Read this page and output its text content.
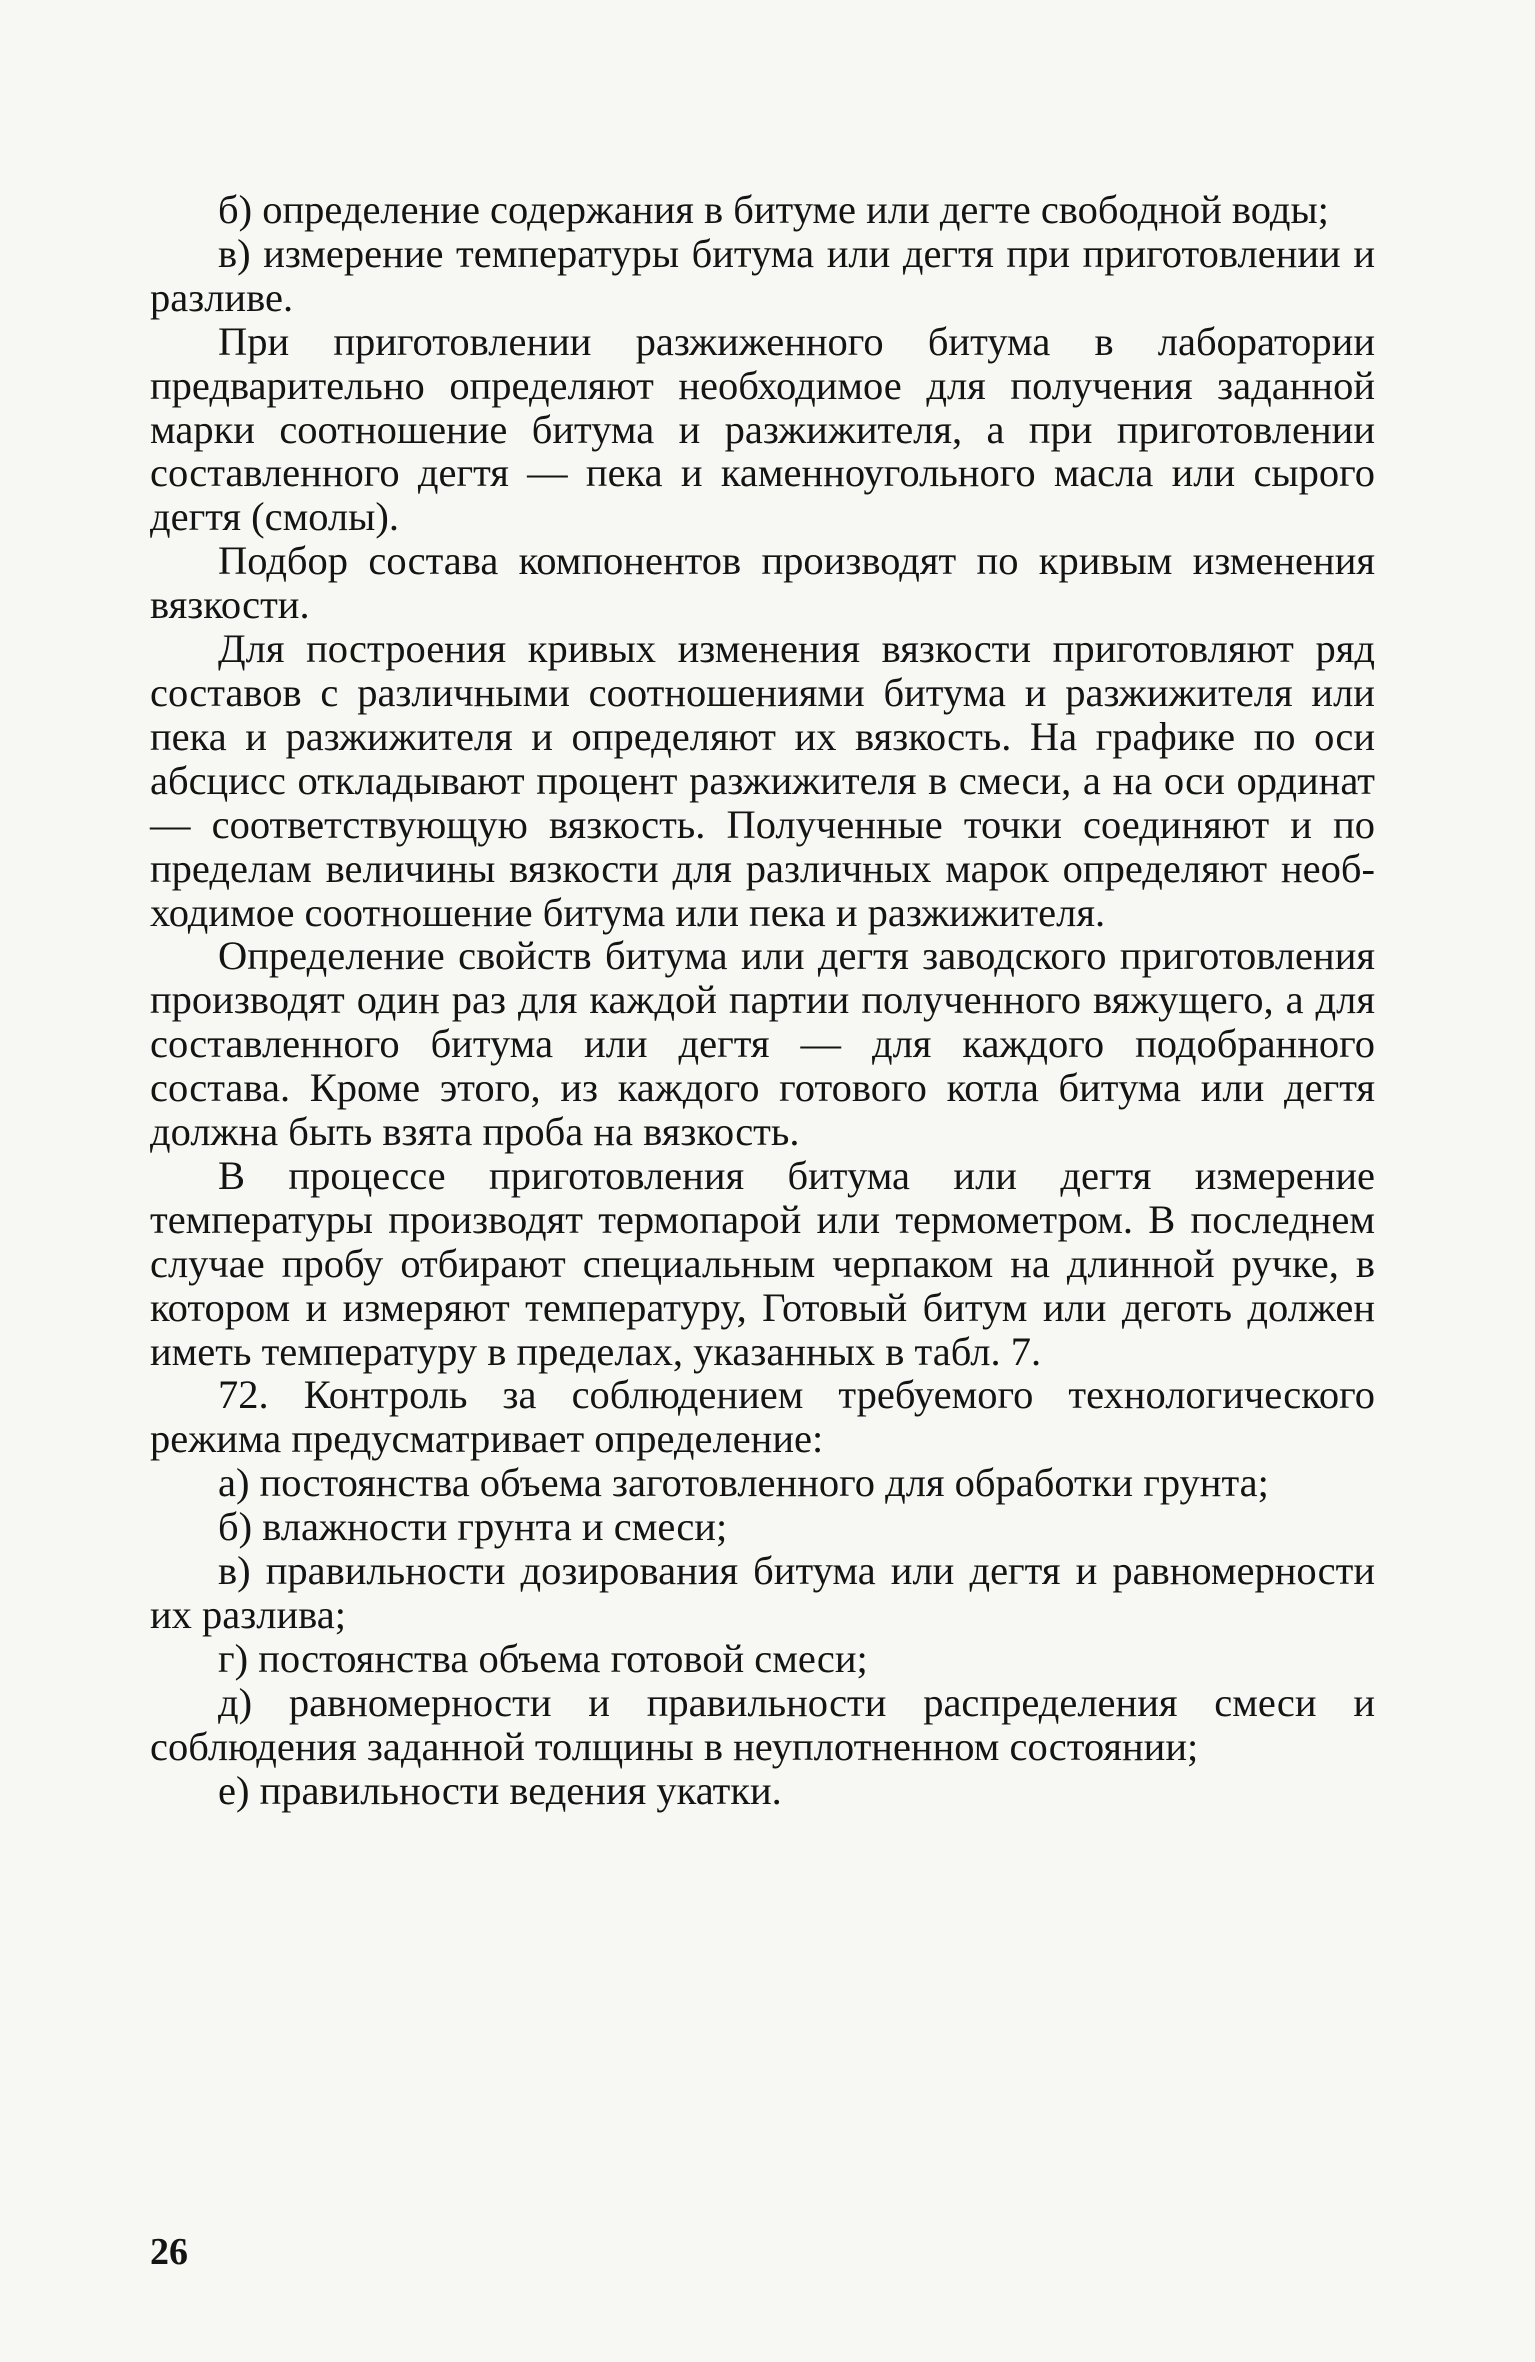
б) определение содержания в битуме или дегте свободной воды;

в) измерение температуры битума или дегтя при приготовлении и разливе.

При приготовлении разжиженного битума в лаборатории предварительно определяют необходимое для получения заданной марки соотношение битума и разжижителя, а при приготовлении составленного дегтя — пека и каменноугольного масла или сырого дегтя (смолы).

Подбор состава компонентов производят по кривым изменения вязкости.

Для построения кривых изменения вязкости приготовляют ряд составов с различными соотношениями битума и разжижителя или пека и разжижителя и определяют их вязкость. На графике по оси абсцисс откладывают процент разжижителя в смеси, а на оси ординат — соответствующую вязкость. Полученные точки соединяют и по пределам величины вязкости для различных марок определяют необходимое соотношение битума или пека и разжижителя.

Определение свойств битума или дегтя заводского приготовления производят один раз для каждой партии полученного вяжущего, а для составленного битума или дегтя — для каждого подобранного состава. Кроме этого, из каждого готового котла битума или дегтя должна быть взята проба на вязкость.

В процессе приготовления битума или дегтя измерение температуры производят термопарой или термометром. В последнем случае пробу отбирают специальным черпаком на длинной ручке, в котором и измеряют температуру, Готовый битум или деготь должен иметь температуру в пределах, указанных в табл. 7.

72. Контроль за соблюдением требуемого технологического режима предусматривает определение:

а) постоянства объема заготовленного для обработки грунта;

б) влажности грунта и смеси;

в) правильности дозирования битума или дегтя и равномерности их разлива;

г) постоянства объема готовой смеси;

д) равномерности и правильности распределения смеси и соблюдения заданной толщины в неуплотненном состоянии;

е) правильности ведения укатки.

26
